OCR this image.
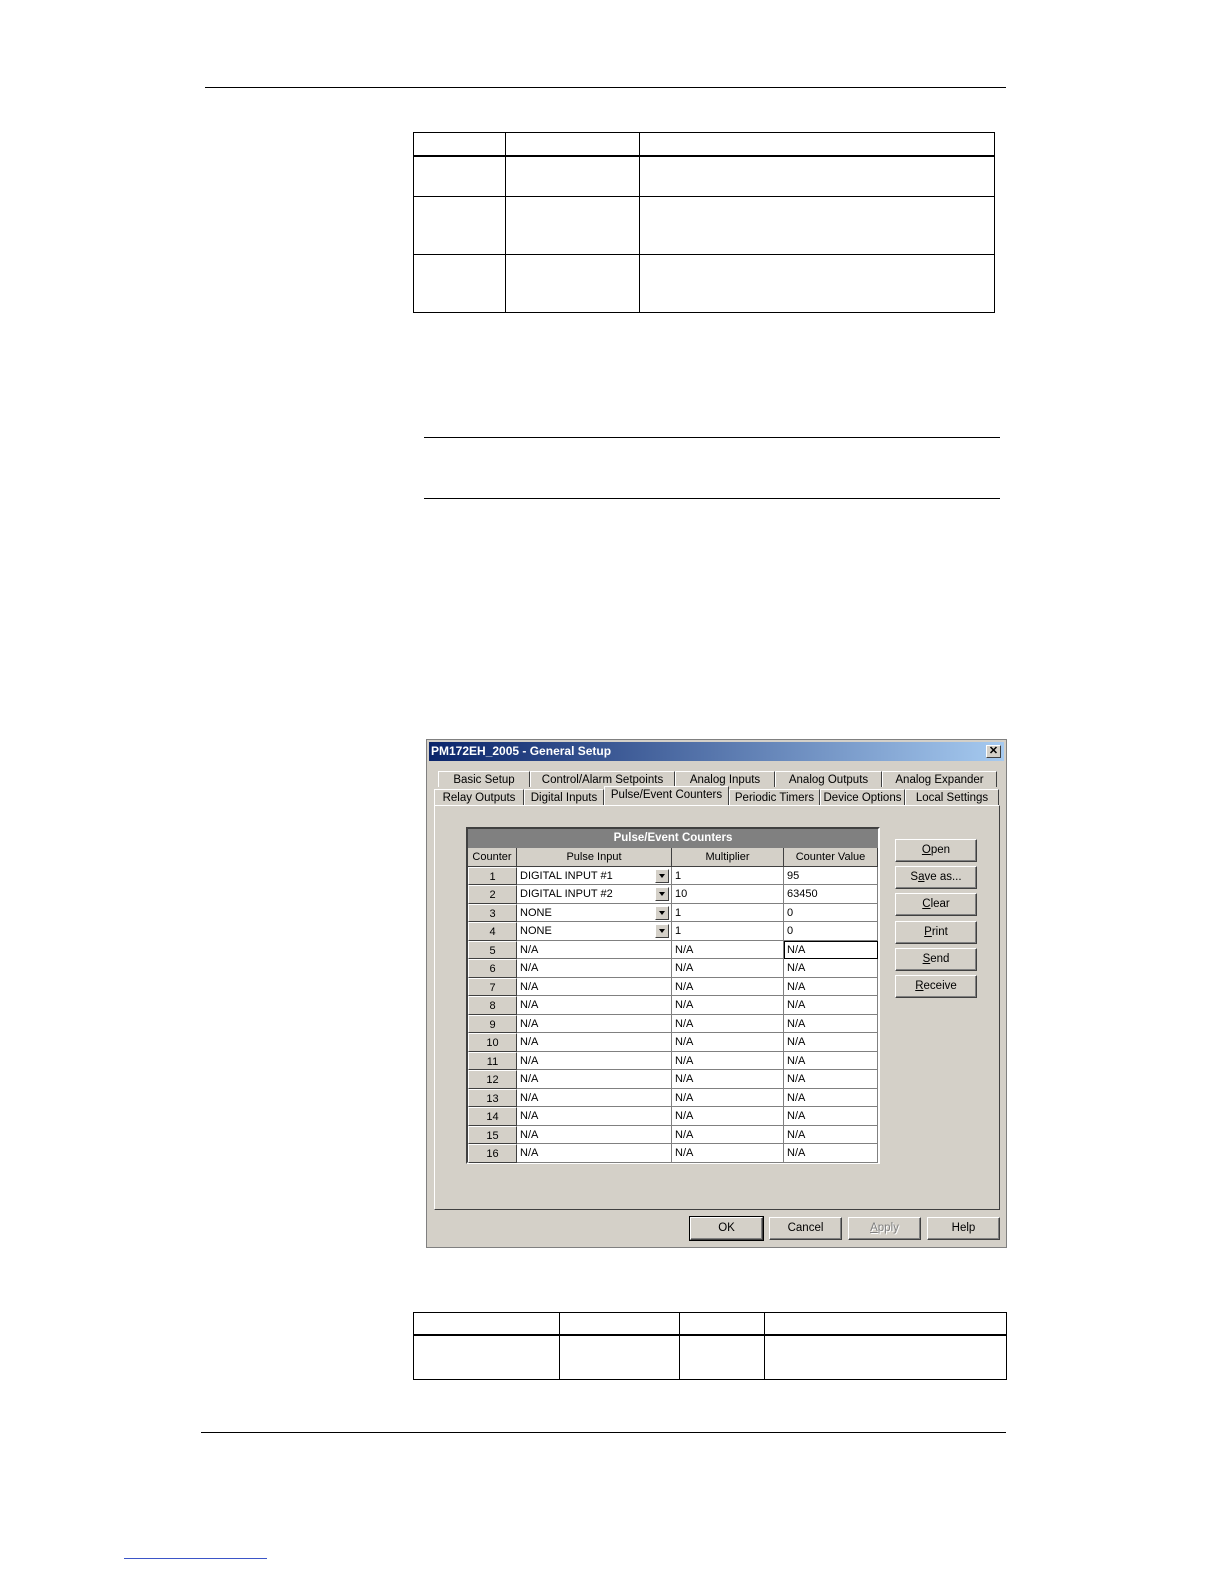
PM172EH_2005 - General Setup	✕
Basic Setup	Control/Alarm Setpoints	Analog Inputs	Analog Outputs	Analog Expander
Relay Outputs	Digital Inputs	Pulse/Event Counters	Periodic Timers Device Options	Local Settings
Pulse/Event Counters
Counter	Pulse Input	Multiplier	Counter Value
1	DIGITAL INPUT #1	1	95
2	DIGITAL INPUT #2	10	63450
3	NONE	1	0
4	NONE	1	0
5	N/A	N/A	N/A
6	N/A	N/A	N/A
7	N/A	N/A	N/A
8	N/A	N/A	N/A
9	N/A	N/A	N/A
10	N/A	N/A	N/A
11	N/A	N/A	N/A
12	N/A	N/A	N/A
13	N/A	N/A	N/A
14	N/A	N/A	N/A
15	N/A	N/A	N/A
16	N/A	N/A	N/A
Open
Save as...
Clear
Print
Send
Receive
OK	Cancel	Apply	Help
